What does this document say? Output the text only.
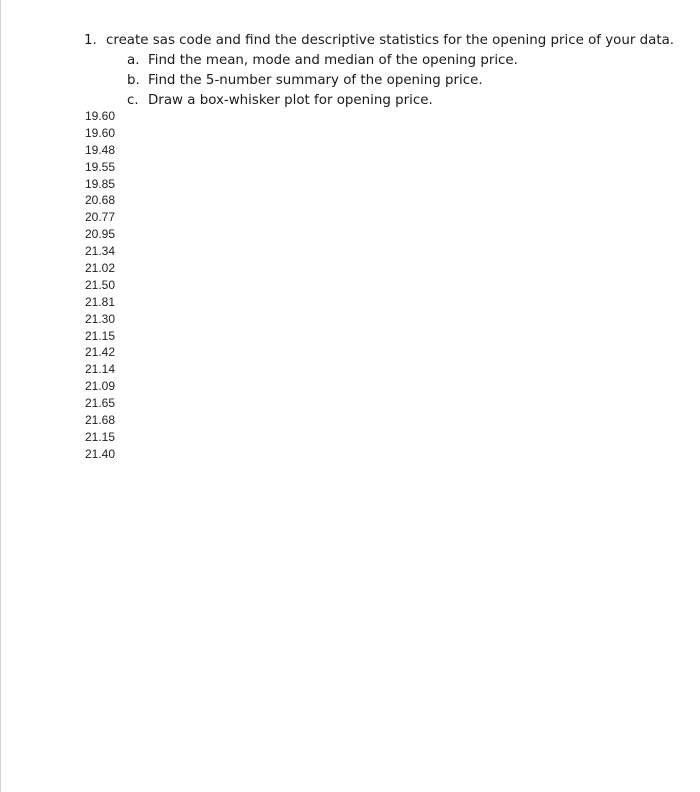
1. create sas code and find the descriptive statistics for the opening price of your data.
a. Find the mean, mode and median of the opening price.
b. Find the 5-number summary of the opening price.
c. Draw a box-whisker plot for opening price.
19.60
19.60
19.48
19.55
19.85
20.68
20.77
20.95
21.34
21.02
21.50
21.81
21.30
21.15
21.42
21.14
21.09
21.65
21.68
21.15
21.40
